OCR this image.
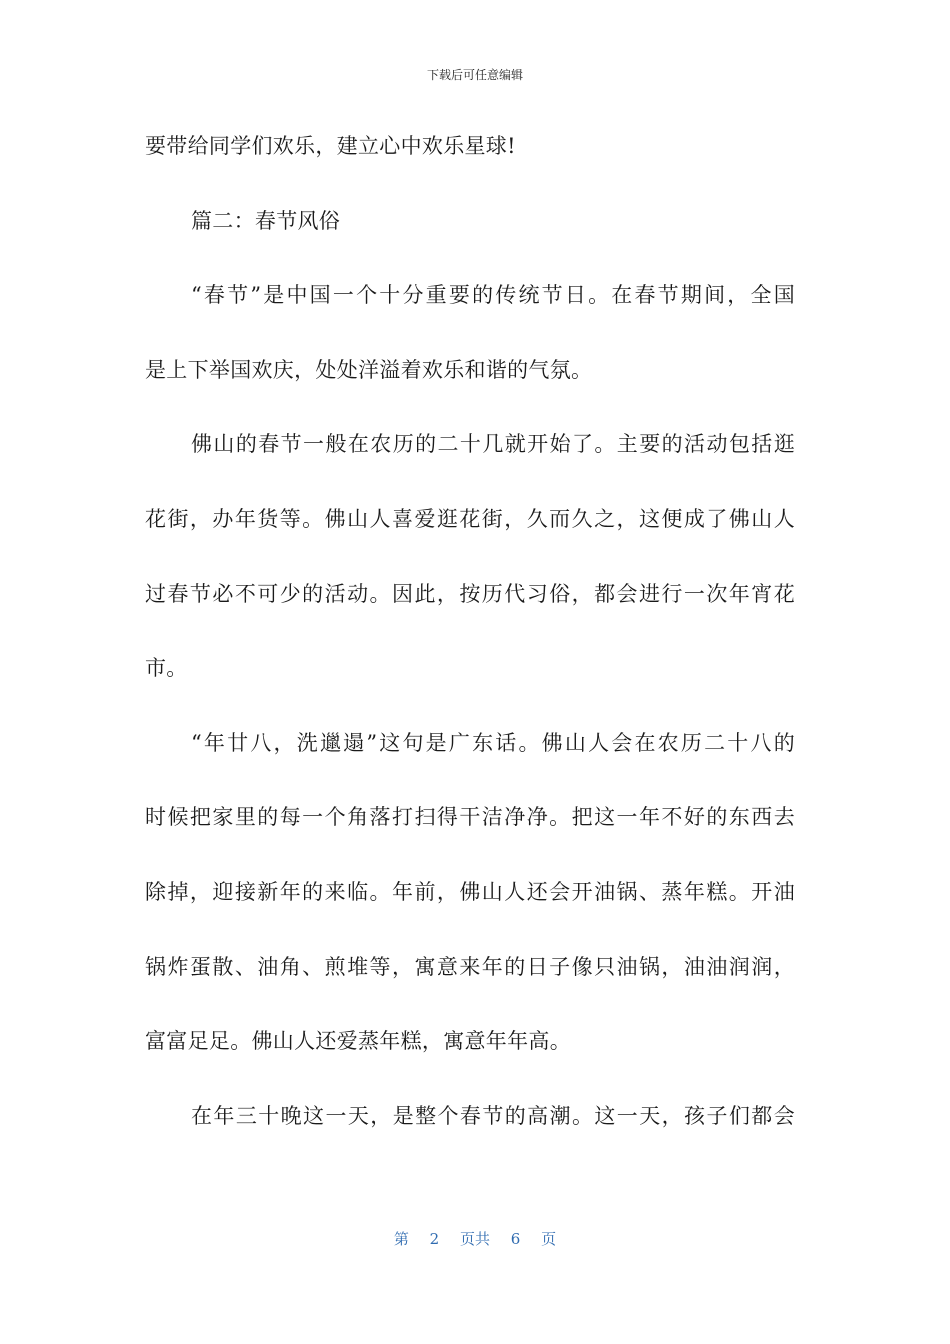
下载后可任意编辑
要带给同学们欢乐，建立心中欢乐星球!
篇二：春节风俗
“春节”是中国一个十分重要的传统节日。在春节期间，全国
是上下举国欢庆，处处洋溢着欢乐和谐的气氛。
佛山的春节一般在农历的二十几就开始了。主要的活动包括逛
花街，办年货等。佛山人喜爱逛花街，久而久之，这便成了佛山人
过春节必不可少的活动。因此，按历代习俗，都会进行一次年宵花
市。
“年廿八，洗邋遢”这句是广东话。佛山人会在农历二十八的
时候把家里的每一个角落打扫得干洁净净。把这一年不好的东西去
除掉，迎接新年的来临。年前，佛山人还会开油锅、蒸年糕。开油
锅炸蛋散、油角、煎堆等，寓意来年的日子像只油锅，油油润润，
富富足足。佛山人还爱蒸年糕，寓意年年高。
在年三十晚这一天，是整个春节的高潮。这一天，孩子们都会
第 2 页共 6 页
